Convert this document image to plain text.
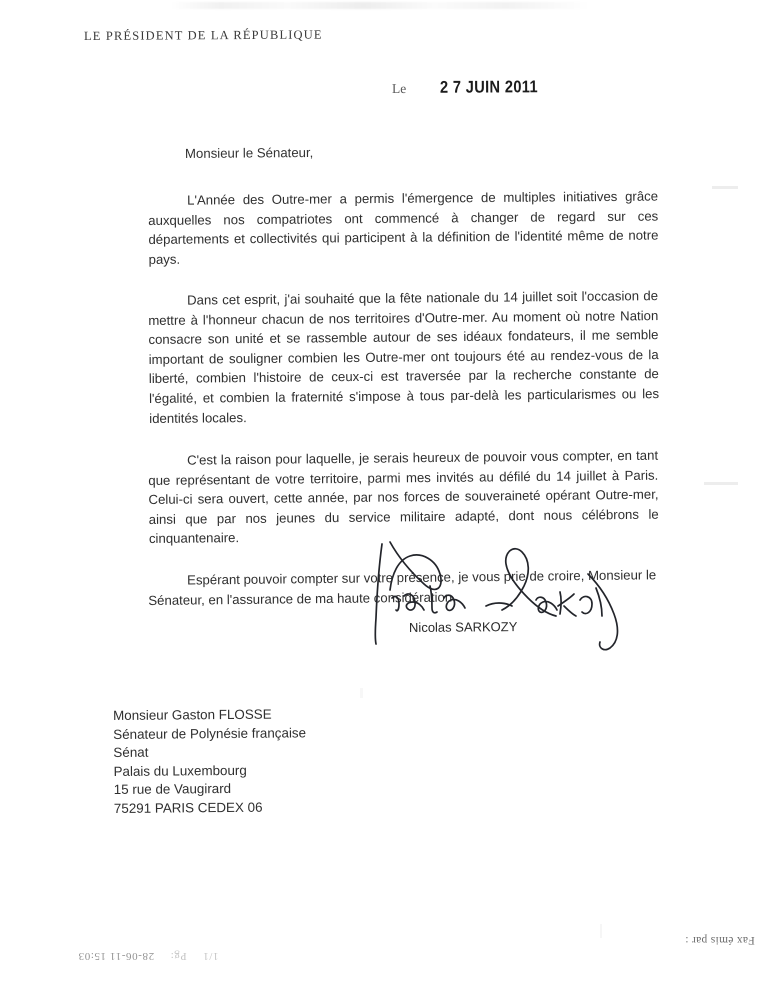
LE PRÉSIDENT DE LA RÉPUBLIQUE
Le 2 7 JUIN 2011

Monsieur le Sénateur,

L'Année des Outre-mer a permis l'émergence de multiples initiatives grâce auxquelles nos compatriotes ont commencé à changer de regard sur ces départements et collectivités qui participent à la définition de l'identité même de notre pays.

Dans cet esprit, j'ai souhaité que la fête nationale du 14 juillet soit l'occasion de mettre à l'honneur chacun de nos territoires d'Outre-mer. Au moment où notre Nation consacre son unité et se rassemble autour de ses idéaux fondateurs, il me semble important de souligner combien les Outre-mer ont toujours été au rendez-vous de la liberté, combien l'histoire de ceux-ci est traversée par la recherche constante de l'égalité, et combien la fraternité s'impose à tous par-delà les particularismes ou les identités locales.

C'est la raison pour laquelle, je serais heureux de pouvoir vous compter, en tant que représentant de votre territoire, parmi mes invités au défilé du 14 juillet à Paris. Celui-ci sera ouvert, cette année, par nos forces de souveraineté opérant Outre-mer, ainsi que par nos jeunes du service militaire adapté, dont nous célébrons le cinquantenaire.

Espérant pouvoir compter sur votre présence, je vous prie de croire, Monsieur le Sénateur, en l'assurance de ma haute considération.

Nicolas SARKOZY
Monsieur Gaston FLOSSE
Sénateur de Polynésie française
Sénat
Palais du Luxembourg
15 rue de Vaugirard
75291 PARIS CEDEX 06
Fax émis par :
28-06-11 15:03 Pg: 1/1
